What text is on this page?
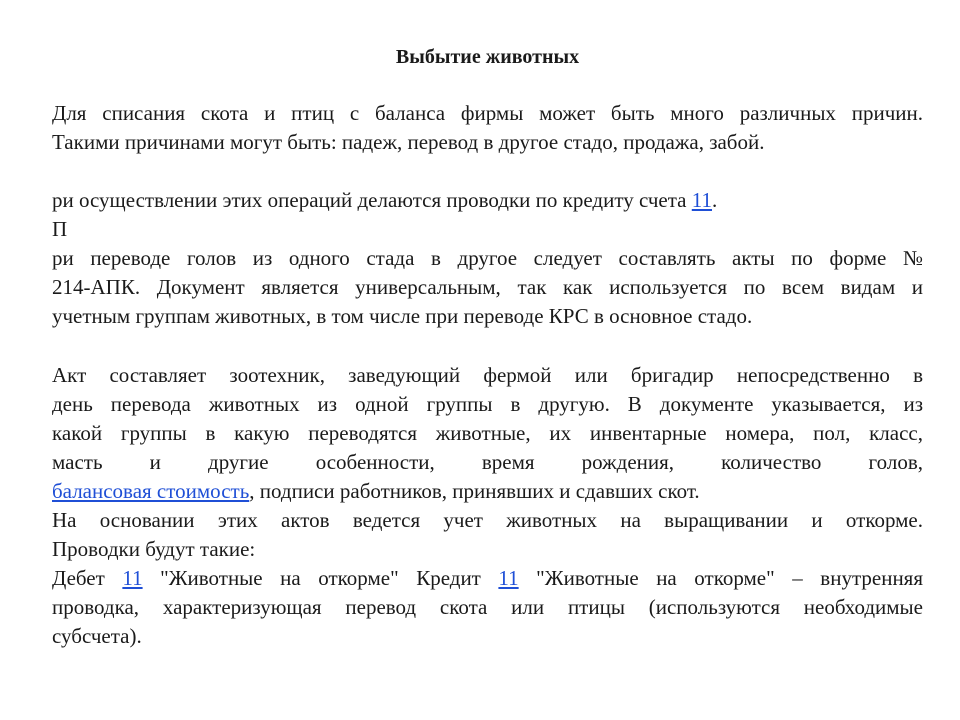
Выбытие животных
Для списания скота и птиц с баланса фирмы может быть много различных причин.
Такими причинами могут быть: падеж, перевод в другое стадо, продажа, забой.
ри осуществлении этих операций делаются проводки по кредиту счета 11.
П
ри переводе голов из одного стада в другое следует составлять акты по форме №
214-АПК. Документ является универсальным, так как используется по всем видам и
учетным группам животных, в том числе при переводе КРС в основное стадо.
Акт составляет зоотехник, заведующий фермой или бригадир непосредственно в
день перевода животных из одной группы в другую. В документе указывается, из
какой группы в какую переводятся животные, их инвентарные номера, пол, класс,
масть и другие особенности, время рождения, количество голов,
балансовая стоимость, подписи работников, принявших и сдавших скот.
На основании этих актов ведется учет животных на выращивании и откорме.
Проводки будут такие:
Дебет 11 "Животные на откорме" Кредит 11 "Животные на откорме" – внутренняя
проводка, характеризующая перевод скота или птицы (используются необходимые
субсчета).
